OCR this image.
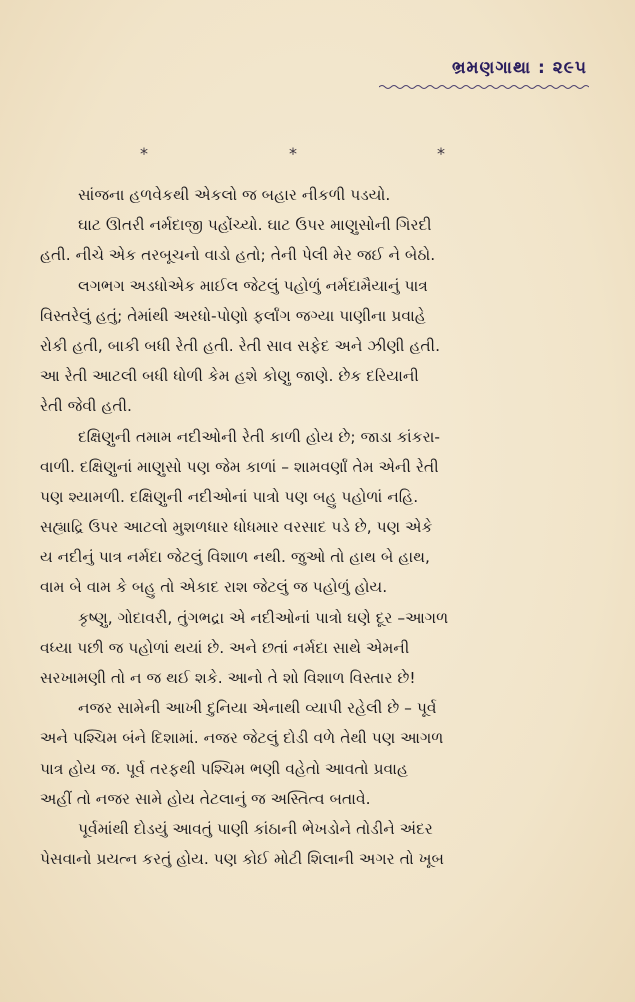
ભ્રમણગાથા : ૨૯૫
*	*	*
સાંજના હળવેકથી એકલો જ બહાર નીકળી પડયો.
ઘાટ ઊતરી નર્મદાજી પહોંચ્યો. ઘાટ ઉપર માણુસોની ગિરદી
હતી. નીચે એક તરબૂચનો વાડો હતો; તેની પેલી મેર જઈ ને બેઠો.
લગભગ અડધોએક માઈલ જેટલું પહોળું નર્મદામૈયાનું પાત્ર
વિસ્તરેલું હતું; તેમાંથી અરધો-પોણો ફર્લાંગ જગ્યા પાણીના પ્રવાહે
રોકી હતી, બાકી બધી રેતી હતી. રેતી સાવ સફેદ અને ઝીણી હતી.
આ રેતી આટલી બધી ધોળી કેમ હશે કોણુ જાણે. છેક દરિયાની
રેતી જેવી હતી.
દક્ષિણુની તમામ નદીઓની રેતી કાળી હોય છે; જાડા કાંકરા-
વાળી. દક્ષિણુનાં માણુસો પણ જેમ કાળાં – શામવર્ણાં તેમ એની રેતી
પણ શ્યામળી. દક્ષિણુની નદીઓનાં પાત્રો પણ બહુ પહોળાં નહિ.
સહ્યાદ્રિ ઉપર આટલો મુશળધાર ધોધમાર વરસાદ પડે છે, પણ એકે
ય નદીનું પાત્ર નર્મદા જેટલું વિશાળ નથી. જુઓ તો હાથ બે હાથ,
વામ બે વામ કે બહુ તો એકાદ રાશ જેટલું જ પહોળું હોય.
કૃષ્ણુ, ગોદાવરી, તુંગભદ્રા એ નદીઓનાં પાત્રો ઘણે દૂર –આગળ
વધ્યા પછી જ પહોળાં થયાં છે. અને છતાં નર્મદા સાથે એમની
સરખામણી તો ન જ થઈ શકે. આનો તે શો વિશાળ વિસ્તાર છે!
નજર સામેની આખી દુનિયા એનાથી વ્યાપી રહેલી છે – પૂર્વ
અને પશ્ચિમ બંને દિશામાં. નજર જેટલું દોડી વળે તેથી પણ આગળ
પાત્ર હોય જ. પૂર્વ તરફથી પશ્ચિમ ભણી વહેતો આવતો પ્રવાહ
અહીં તો નજર સામે હોય તેટલાનું જ અસ્તિત્વ બતાવે.
પૂર્વમાંથી દોડયું આવતું પાણી કાંઠાની ભેખડોને તોડીને અંદર
પેસવાનો પ્રયત્ન કરતું હોય. પણ કોઈ મોટી શિલાની અગર તો ખૂબ
